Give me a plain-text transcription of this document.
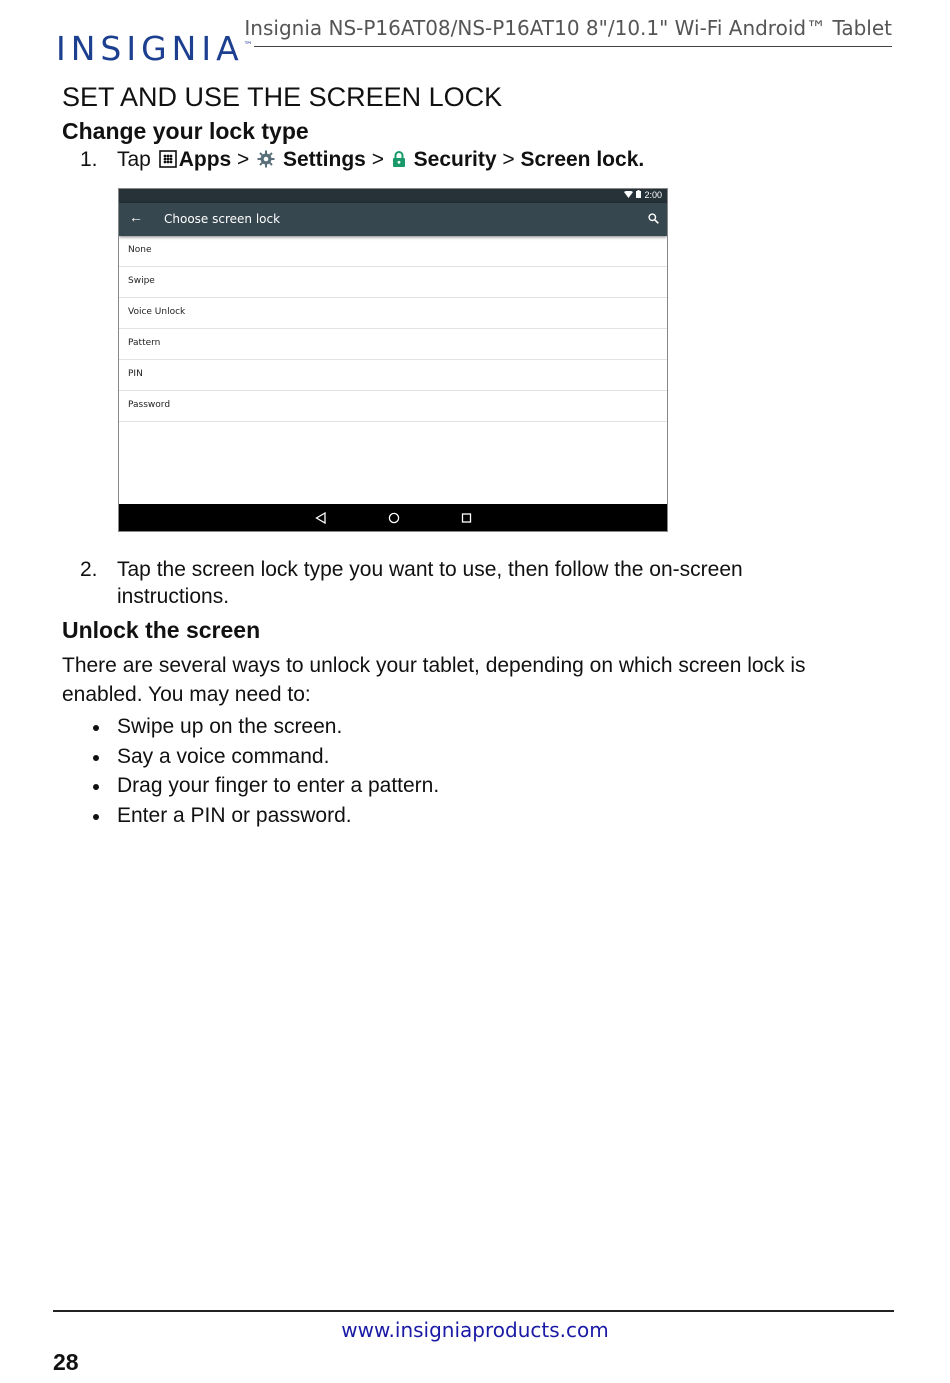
INSIGNIA™
Insignia NS-P16AT08/NS-P16AT10 8"/10.1" Wi-Fi Android™ Tablet
SET AND USE THE SCREEN LOCK
Change your lock type
1. Tap Apps > Settings > Security > Screen lock.
2:00
← Choose screen lock
None
Swipe
Voice Unlock
Pattern
PIN
Password
2. Tap the screen lock type you want to use, then follow the on-screen instructions.
Unlock the screen
There are several ways to unlock your tablet, depending on which screen lock is enabled. You may need to:
Swipe up on the screen.
Say a voice command.
Drag your finger to enter a pattern.
Enter a PIN or password.
www.insigniaproducts.com
28
